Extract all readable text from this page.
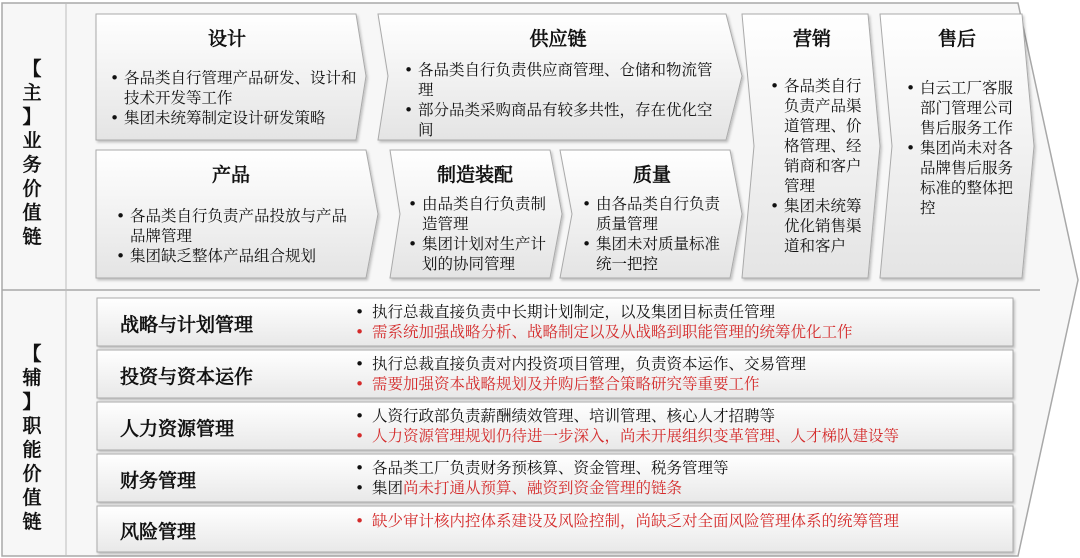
【
主
】
业
务
价
值
链
【
辅
】
职
能
价
值
链
设计
• 各品类自行管理产品研发、设计和技术开发等工作
• 集团未统筹制定设计研发策略
供应链
• 各品类自行负责供应商管理、仓储和物流管理
• 部分品类采购商品有较多共性，存在优化空间
产品
• 各品类自行负责产品投放与产品品牌管理
• 集团缺乏整体产品组合规划
制造装配
• 由品类自行负责制造管理
• 集团计划对生产计划的协同管理
质量
• 由各品类自行负责质量管理
• 集团未对质量标准统一把控
营销
• 各品类自行负责产品渠道管理、价格管理、经销商和客户管理
• 集团未统筹优化销售渠道和客户
售后
• 白云工厂客服部门管理公司售后服务工作
• 集团尚未对各品牌售后服务标准的整体把控
战略与计划管理
• 执行总裁直接负责中长期计划制定，以及集团目标责任管理
• 需系统加强战略分析、战略制定以及从战略到职能管理的统筹优化工作
投资与资本运作
• 执行总裁直接负责对内投资项目管理，负责资本运作、交易管理
• 需要加强资本战略规划及并购后整合策略研究等重要工作
人力资源管理
• 人资行政部负责薪酬绩效管理、培训管理、核心人才招聘等
• 人力资源管理规划仍待进一步深入，尚未开展组织变革管理、人才梯队建设等
财务管理
• 各品类工厂负责财务预核算、资金管理、税务管理等
• 集团尚未打通从预算、融资到资金管理的链条
风险管理
•	缺少审计核内控体系建设及风险控制，尚缺乏对全面风险管理体系的统筹管理
